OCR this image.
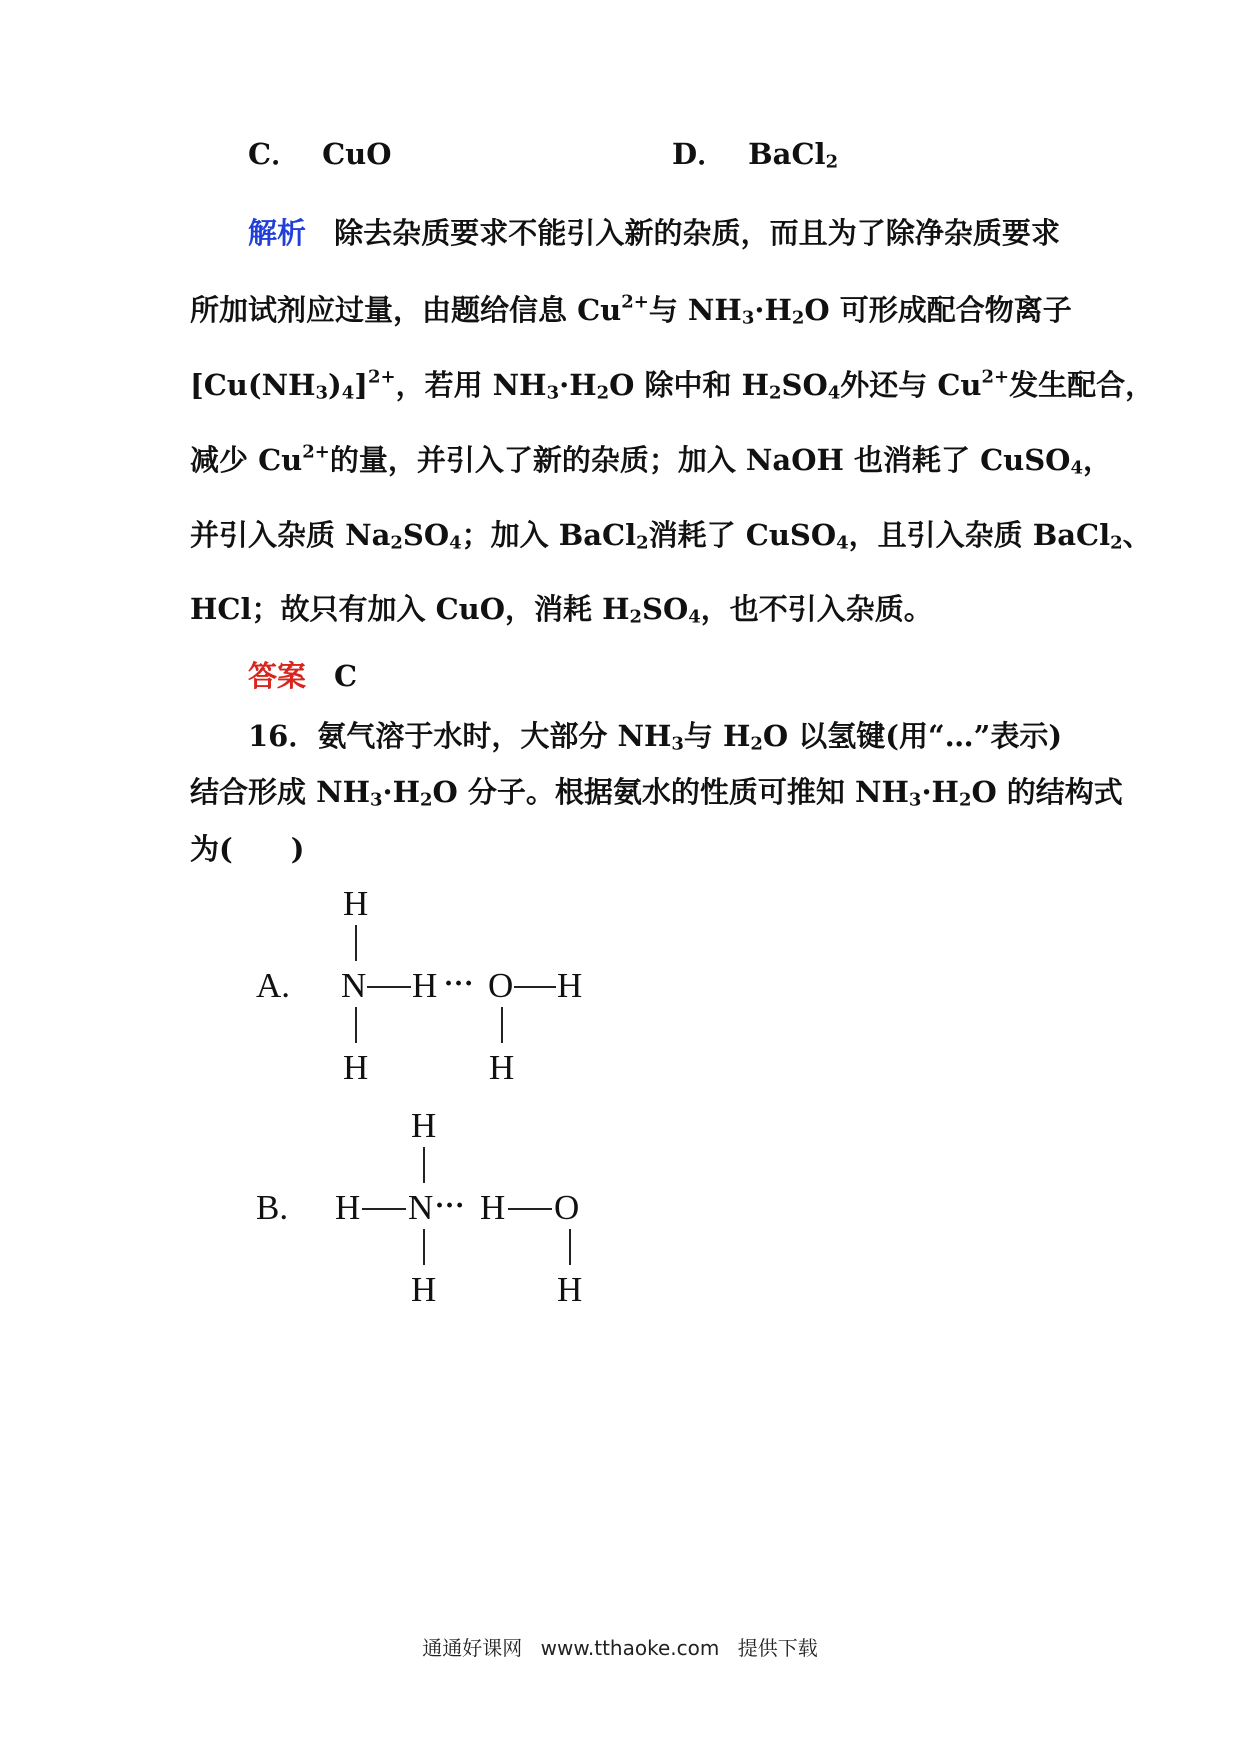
C． CuO	D． BaCl$_2$

解析 除去杂质要求不能引入新的杂质，而且为了除净杂质要求

所加试剂应过量，由题给信息 $Cu^{2+}$与 $NH_3\cdot H_2O$ 可形成配合物离子

$[Cu(NH_3)_4]^{2+}$，若用 $NH_3\cdot H_2O$ 除中和 $H_2SO_4$外还与 $Cu^{2+}$发生配合，

减少 $Cu^{2+}$的量，并引入了新的杂质；加入 NaOH 也消耗了 CuSO$_4$，

并引入杂质 $Na_2SO_4$；加入 BaCl$_2$消耗了 CuSO$_4$，且引入杂质 BaCl$_2$、

HCl；故只有加入 CuO，消耗 $H_2SO_4$，也不引入杂质。

答案 C

16．氨气溶于水时，大部分 $NH_3$与 $H_2O$ 以氢键(用“…”表示)

结合形成 $NH_3\cdot H_2O$ 分子。根据氨水的性质可推知 $NH_3\cdot H_2O$ 的结构式

为(　　)

A.
H
N H ··· O H
H	H
B.
H
H N ··· H O
H	H
通通好课网 www.tthaoke.com 提供下载
